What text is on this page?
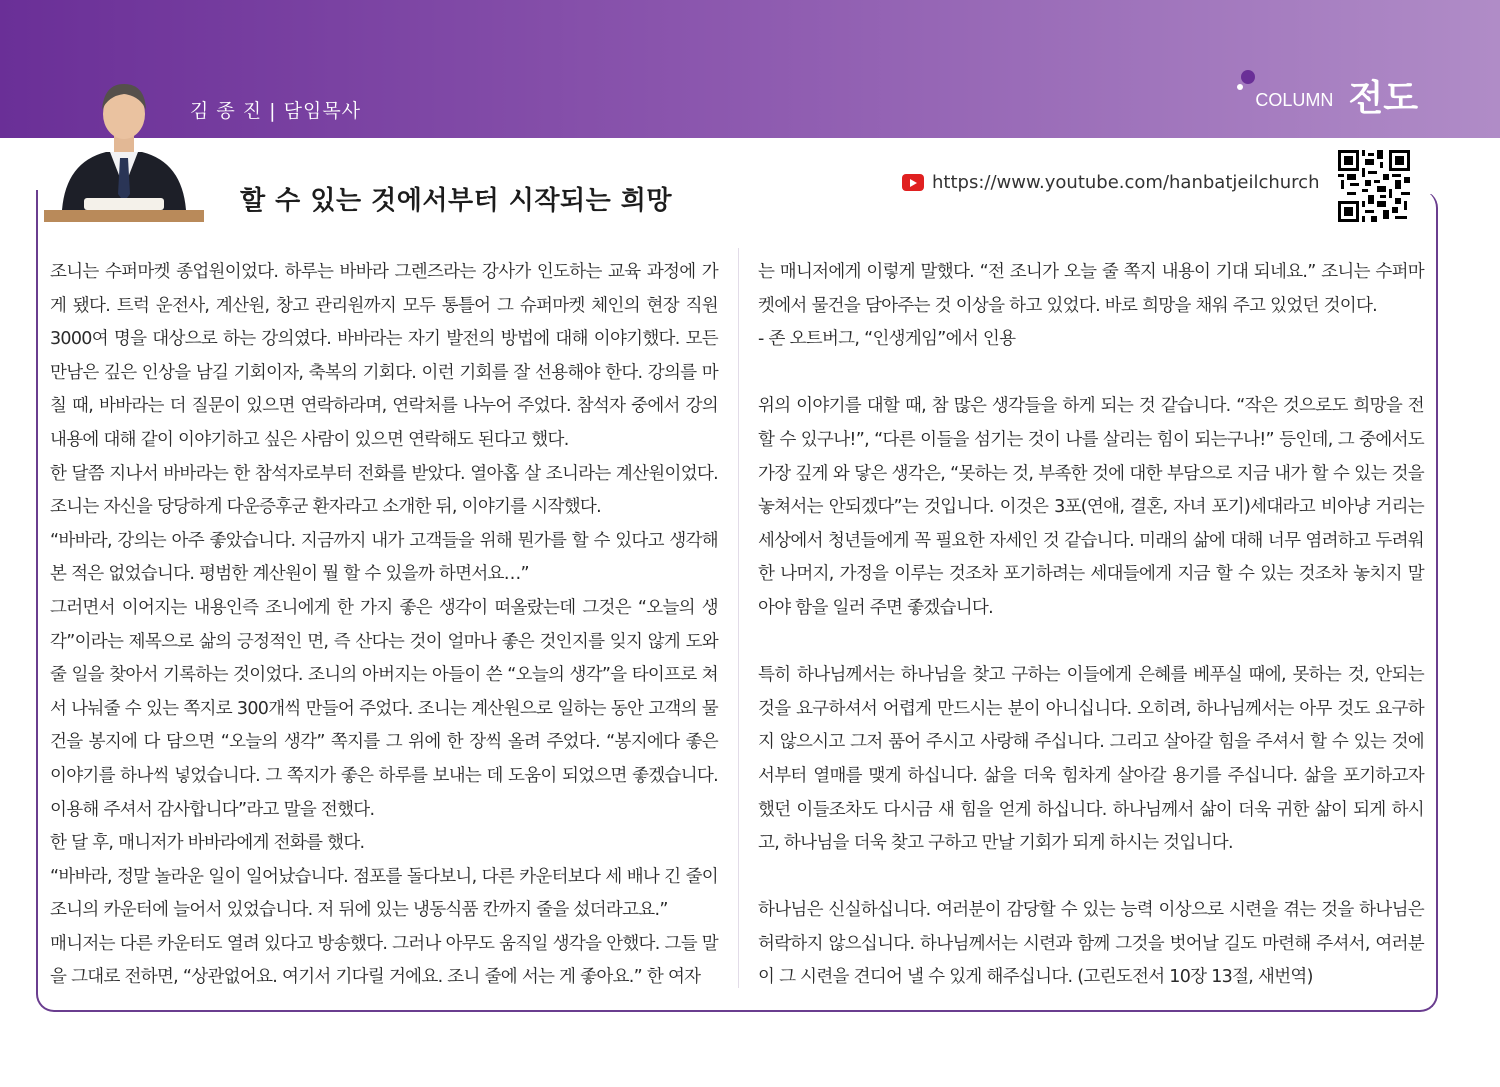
김 종 진 | 담임목사	COLUMN 전도
할 수 있는 것에서부터 시작되는 희망
https://www.youtube.com/hanbatjeilchurch

조니는 수퍼마켓 종업원이었다. 하루는 바바라 그렌즈라는 강사가 인도하는 교육 과정에 가게 됐다. 트럭 운전사, 계산원, 창고 관리원까지 모두 통틀어 그 슈퍼마켓 체인의 현장 직원 3000여 명을 대상으로 하는 강의였다. 바바라는 자기 발전의 방법에 대해 이야기했다. 모든 만남은 깊은 인상을 남길 기회이자, 축복의 기회다. 이런 기회를 잘 선용해야 한다. 강의를 마칠 때, 바바라는 더 질문이 있으면 연락하라며, 연락처를 나누어 주었다. 참석자 중에서 강의 내용에 대해 같이 이야기하고 싶은 사람이 있으면 연락해도 된다고 했다.

한 달쯤 지나서 바바라는 한 참석자로부터 전화를 받았다. 열아홉 살 조니라는 계산원이었다. 조니는 자신을 당당하게 다운증후군 환자라고 소개한 뒤, 이야기를 시작했다.

“바바라, 강의는 아주 좋았습니다. 지금까지 내가 고객들을 위해 뭔가를 할 수 있다고 생각해 본 적은 없었습니다. 평범한 계산원이 뭘 할 수 있을까 하면서요…”

그러면서 이어지는 내용인즉 조니에게 한 가지 좋은 생각이 떠올랐는데 그것은 “오늘의 생각”이라는 제목으로 삶의 긍정적인 면, 즉 산다는 것이 얼마나 좋은 것인지를 잊지 않게 도와줄 일을 찾아서 기록하는 것이었다. 조니의 아버지는 아들이 쓴 “오늘의 생각”을 타이프로 쳐서 나눠줄 수 있는 쪽지로 300개씩 만들어 주었다. 조니는 계산원으로 일하는 동안 고객의 물건을 봉지에 다 담으면 “오늘의 생각” 쪽지를 그 위에 한 장씩 올려 주었다. “봉지에다 좋은 이야기를 하나씩 넣었습니다. 그 쪽지가 좋은 하루를 보내는 데 도움이 되었으면 좋겠습니다. 이용해 주셔서 감사합니다”라고 말을 전했다.

한 달 후, 매니저가 바바라에게 전화를 했다.

“바바라, 정말 놀라운 일이 일어났습니다. 점포를 돌다보니, 다른 카운터보다 세 배나 긴 줄이 조니의 카운터에 늘어서 있었습니다. 저 뒤에 있는 냉동식품 칸까지 줄을 섰더라고요.”

매니저는 다른 카운터도 열려 있다고 방송했다. 그러나 아무도 움직일 생각을 안했다. 그들 말을 그대로 전하면, “상관없어요. 여기서 기다릴 거에요. 조니 줄에 서는 게 좋아요.” 한 여자

는 매니저에게 이렇게 말했다. “전 조니가 오늘 줄 쪽지 내용이 기대 되네요.” 조니는 수퍼마켓에서 물건을 담아주는 것 이상을 하고 있었다. 바로 희망을 채워 주고 있었던 것이다.

- 존 오트버그, “인생게임”에서 인용

위의 이야기를 대할 때, 참 많은 생각들을 하게 되는 것 같습니다. “작은 것으로도 희망을 전할 수 있구나!”, “다른 이들을 섬기는 것이 나를 살리는 힘이 되는구나!” 등인데, 그 중에서도 가장 깊게 와 닿은 생각은, “못하는 것, 부족한 것에 대한 부담으로 지금 내가 할 수 있는 것을 놓쳐서는 안되겠다”는 것입니다. 이것은 3포(연애, 결혼, 자녀 포기)세대라고 비아냥 거리는 세상에서 청년들에게 꼭 필요한 자세인 것 같습니다. 미래의 삶에 대해 너무 염려하고 두려워한 나머지, 가정을 이루는 것조차 포기하려는 세대들에게 지금 할 수 있는 것조차 놓치지 말아야 함을 일러 주면 좋겠습니다.

특히 하나님께서는 하나님을 찾고 구하는 이들에게 은혜를 베푸실 때에, 못하는 것, 안되는 것을 요구하셔서 어렵게 만드시는 분이 아니십니다. 오히려, 하나님께서는 아무 것도 요구하지 않으시고 그저 품어 주시고 사랑해 주십니다. 그리고 살아갈 힘을 주셔서 할 수 있는 것에서부터 열매를 맺게 하십니다. 삶을 더욱 힘차게 살아갈 용기를 주십니다. 삶을 포기하고자 했던 이들조차도 다시금 새 힘을 얻게 하십니다. 하나님께서 삶이 더욱 귀한 삶이 되게 하시고, 하나님을 더욱 찾고 구하고 만날 기회가 되게 하시는 것입니다.

하나님은 신실하십니다. 여러분이 감당할 수 있는 능력 이상으로 시련을 겪는 것을 하나님은 허락하지 않으십니다. 하나님께서는 시련과 함께 그것을 벗어날 길도 마련해 주셔서, 여러분이 그 시련을 견디어 낼 수 있게 해주십니다. (고린도전서 10장 13절, 새번역)
